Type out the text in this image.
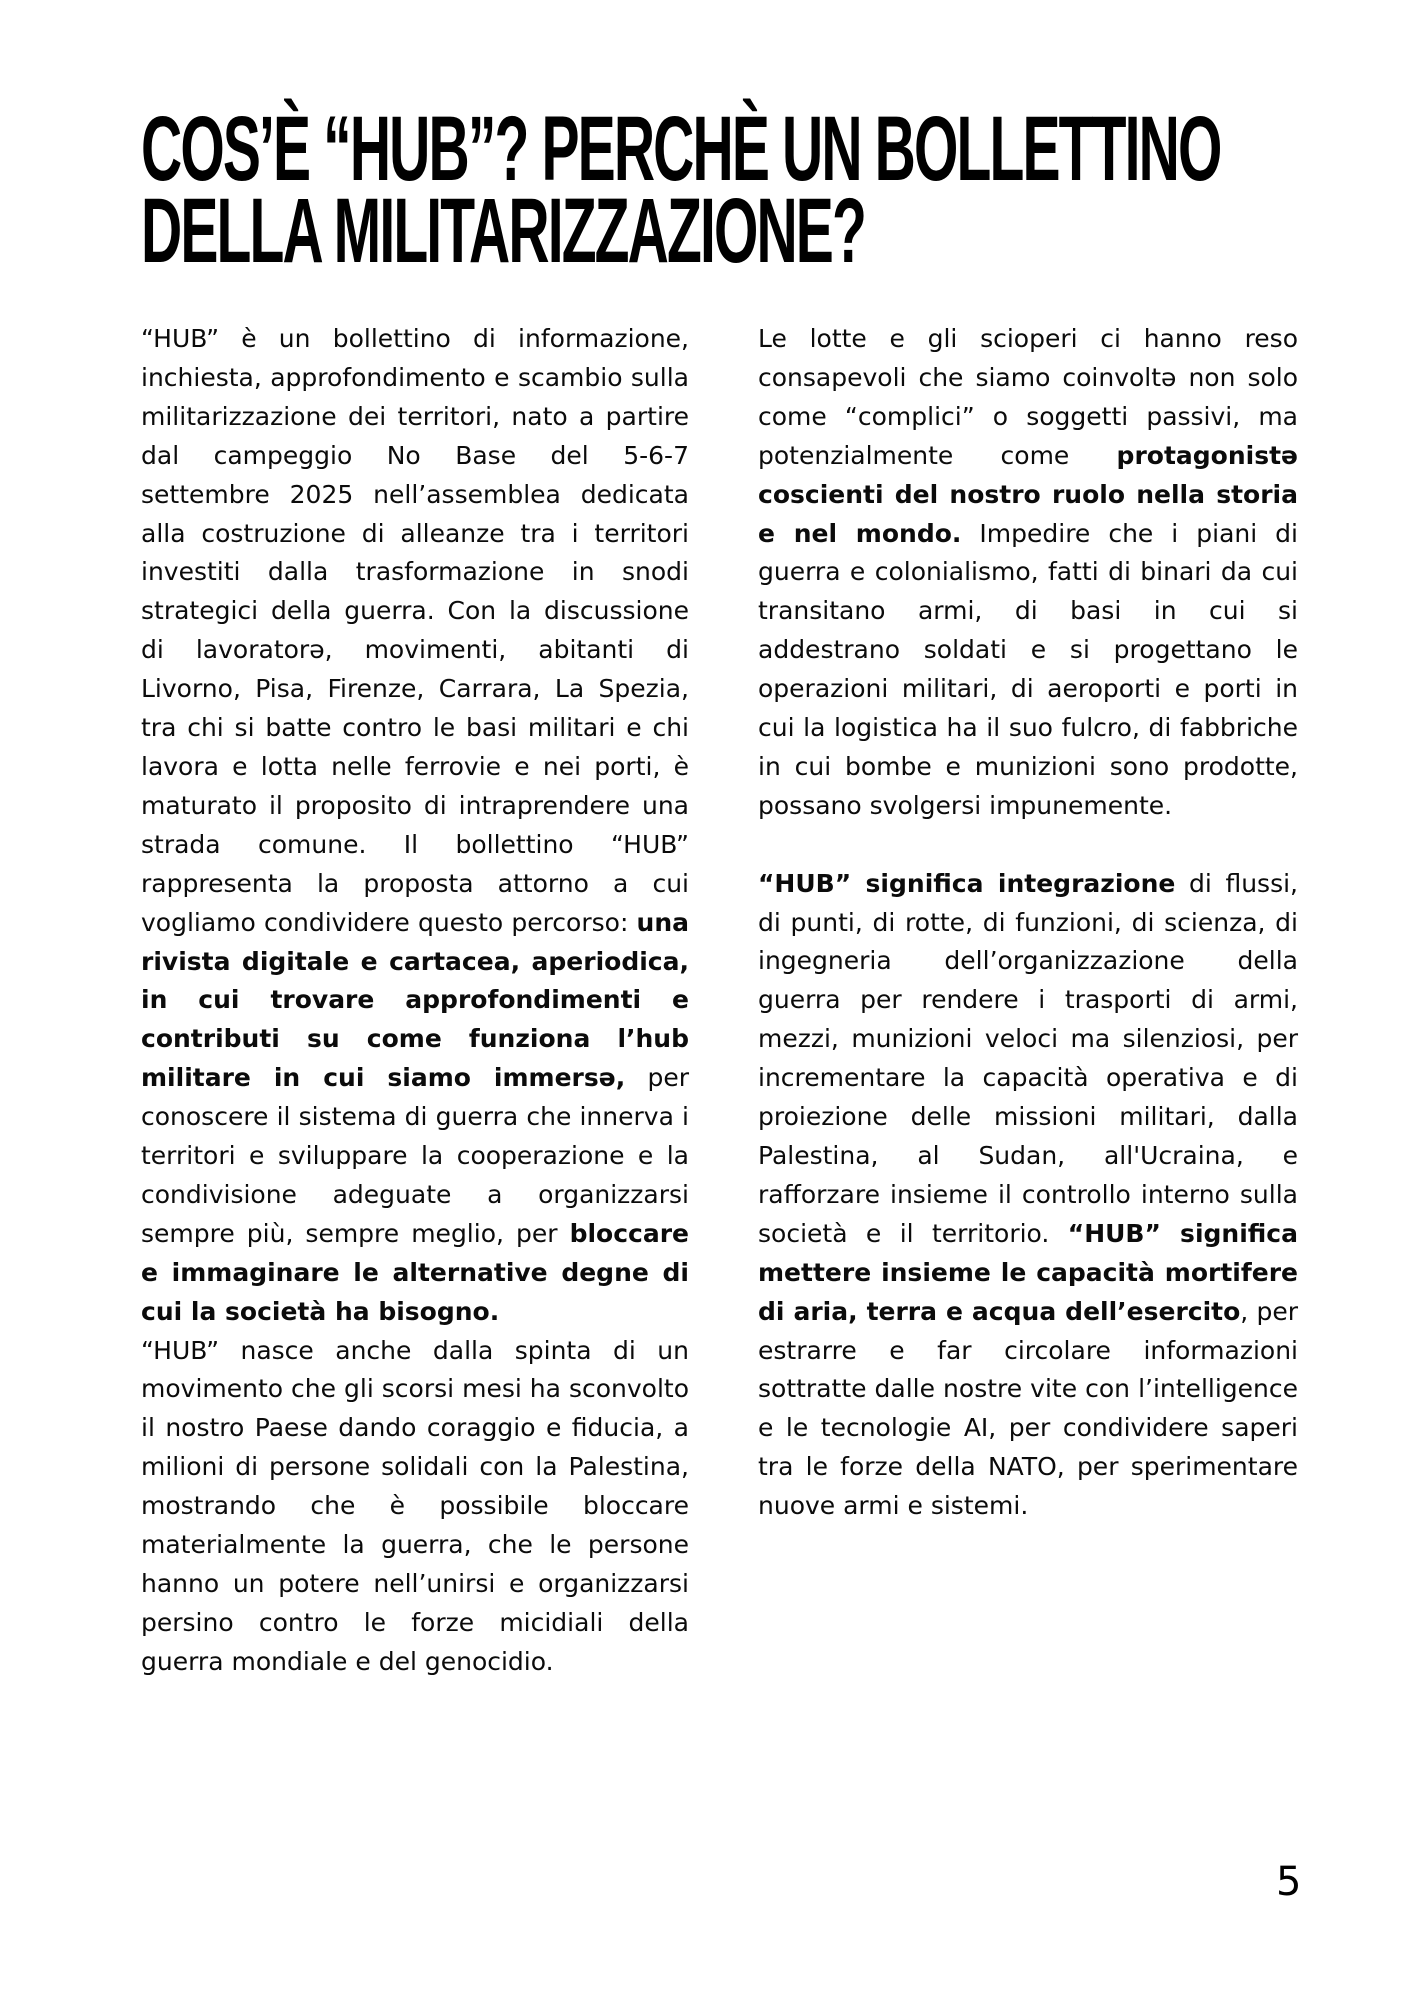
COS’È “HUB”? PERCHÈ UN BOLLETTINO
DELLA MILITARIZZAZIONE?

“HUB” è un bollettino di informazione, inchiesta, approfondimento e scambio sulla militarizzazione dei territori, nato a partire dal campeggio No Base del 5-6-7 settembre 2025 nell’assemblea dedicata alla costruzione di alleanze tra i territori investiti dalla trasformazione in snodi strategici della guerra. Con la discussione di lavoratorə, movimenti, abitanti di Livorno, Pisa, Firenze, Carrara, La Spezia, tra chi si batte contro le basi militari e chi lavora e lotta nelle ferrovie e nei porti, è maturato il proposito di intraprendere una strada comune. Il bollettino “HUB” rappresenta la proposta attorno a cui vogliamo condividere questo percorso: una rivista digitale e cartacea, aperiodica, in cui trovare approfondimenti e contributi su come funziona l’hub militare in cui siamo immersə, per conoscere il sistema di guerra che innerva i territori e sviluppare la cooperazione e la condivisione adeguate a organizzarsi sempre più, sempre meglio, per bloccare e immaginare le alternative degne di cui la società ha bisogno.

“HUB” nasce anche dalla spinta di un movimento che gli scorsi mesi ha sconvolto il nostro Paese dando coraggio e fiducia, a milioni di persone solidali con la Palestina, mostrando che è possibile bloccare materialmente la guerra, che le persone hanno un potere nell’unirsi e organizzarsi persino contro le forze micidiali della guerra mondiale e del genocidio.

Le lotte e gli scioperi ci hanno reso consapevoli che siamo coinvoltə non solo come “complici” o soggetti passivi, ma potenzialmente come protagonistə coscienti del nostro ruolo nella storia e nel mondo. Impedire che i piani di guerra e colonialismo, fatti di binari da cui transitano armi, di basi in cui si addestrano soldati e si progettano le operazioni militari, di aeroporti e porti in cui la logistica ha il suo fulcro, di fabbriche in cui bombe e munizioni sono prodotte, possano svolgersi impunemente.

“HUB” significa integrazione di flussi, di punti, di rotte, di funzioni, di scienza, di ingegneria dell’organizzazione della guerra per rendere i trasporti di armi, mezzi, munizioni veloci ma silenziosi, per incrementare la capacità operativa e di proiezione delle missioni militari, dalla Palestina, al Sudan, all'Ucraina, e rafforzare insieme il controllo interno sulla società e il territorio. “HUB” significa mettere insieme le capacità mortifere di aria, terra e acqua dell’esercito, per estrarre e far circolare informazioni sottratte dalle nostre vite con l’intelligence e le tecnologie AI, per condividere saperi tra le forze della NATO, per sperimentare nuove armi e sistemi.

5
